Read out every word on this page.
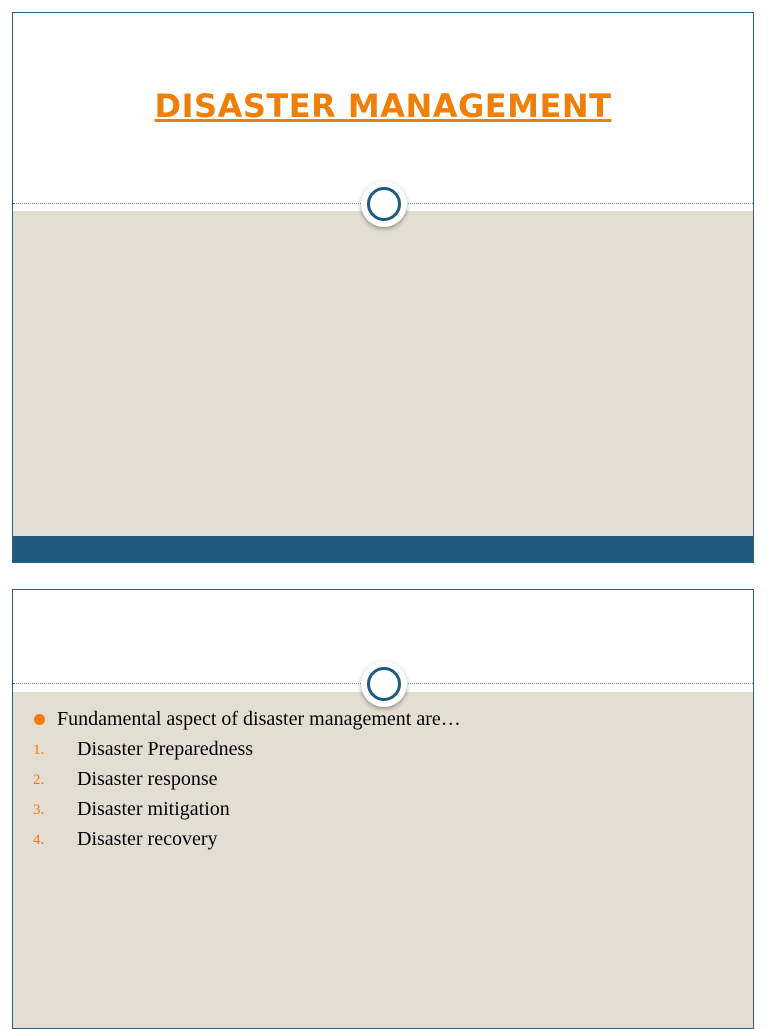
DISASTER MANAGEMENT
Fundamental aspect of disaster management are…
1. Disaster Preparedness
2. Disaster response
3. Disaster mitigation
4. Disaster recovery
